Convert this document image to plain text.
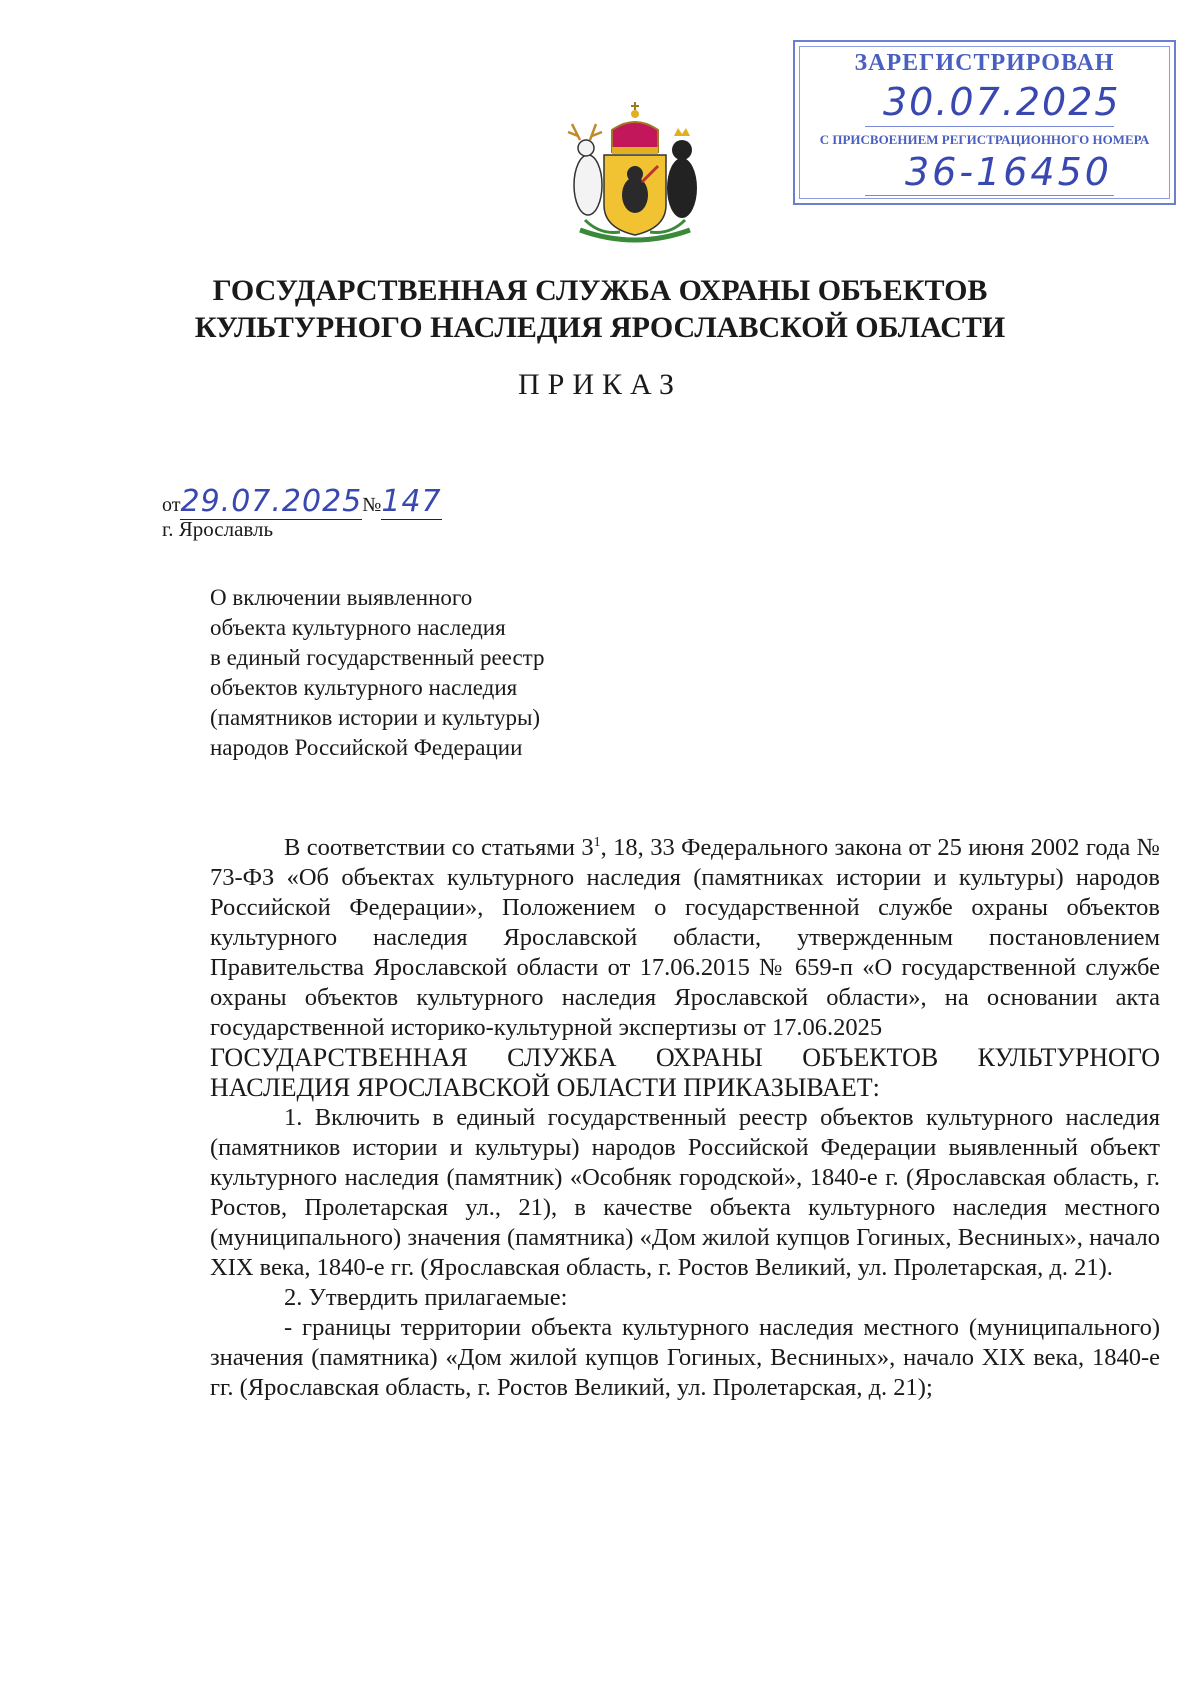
ЗАРЕГИСТРИРОВАН
30.07.2025
С ПРИСВОЕНИЕМ РЕГИСТРАЦИОННОГО НОМЕРА
36-16450
ГОСУДАРСТВЕННАЯ СЛУЖБА ОХРАНЫ ОБЪЕКТОВ
КУЛЬТУРНОГО НАСЛЕДИЯ ЯРОСЛАВСКОЙ ОБЛАСТИ
ПРИКАЗ
от29.07.2025№147
г. Ярославль
О включении выявленного
объекта культурного наследия
в единый государственный реестр
объектов культурного наследия
(памятников истории и культуры)
народов Российской Федерации

В соответствии со статьями $3^1$, 18, 33 Федерального закона от 25 июня 2002 года № 73-ФЗ «Об объектах культурного наследия (памятниках истории и культуры) народов Российской Федерации», Положением о государственной службе охраны объектов культурного наследия Ярославской области, утвержденным постановлением Правительства Ярославской области от 17.06.2015 № 659-п «О государственной службе охраны объектов культурного наследия Ярославской области», на основании акта государственной историко-культурной экспертизы от 17.06.2025

ГОСУДАРСТВЕННАЯ СЛУЖБА ОХРАНЫ ОБЪЕКТОВ КУЛЬТУРНОГО НАСЛЕДИЯ ЯРОСЛАВСКОЙ ОБЛАСТИ ПРИКАЗЫВАЕТ:

1. Включить в единый государственный реестр объектов культурного наследия (памятников истории и культуры) народов Российской Федерации выявленный объект культурного наследия (памятник) «Особняк городской», 1840-е г. (Ярославская область, г. Ростов, Пролетарская ул., 21), в качестве объекта культурного наследия местного (муниципального) значения (памятника) «Дом жилой купцов Гогиных, Весниных», начало XIX века, 1840-е гг. (Ярославская область, г. Ростов Великий, ул. Пролетарская, д. 21).

2. Утвердить прилагаемые:

- границы территории объекта культурного наследия местного (муниципального) значения (памятника) «Дом жилой купцов Гогиных, Весниных», начало XIX века, 1840-е гг. (Ярославская область, г. Ростов Великий, ул. Пролетарская, д. 21);
